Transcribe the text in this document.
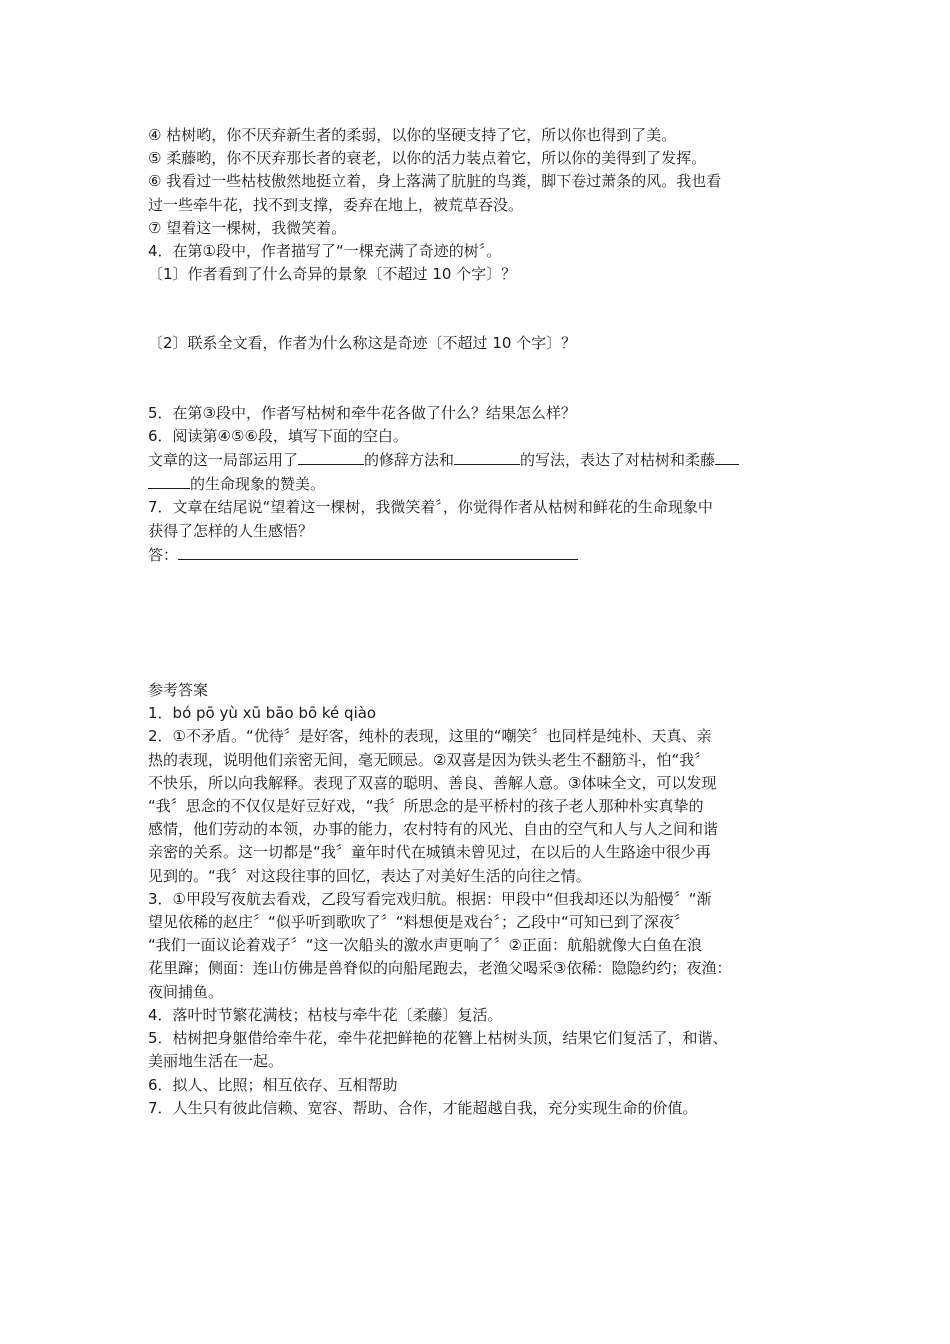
④ 枯树哟，你不厌弃新生者的柔弱，以你的坚硬支持了它，所以你也得到了美。

⑤ 柔藤哟，你不厌弃那长者的衰老，以你的活力装点着它，所以你的美得到了发挥。

⑥ 我看过一些枯枝傲然地挺立着，身上落满了肮脏的鸟粪，脚下卷过萧条的风。我也看

过一些牵牛花，找不到支撑，委弃在地上，被荒草吞没。

⑦ 望着这一棵树，我微笑着。

4．在第①段中，作者描写了“一棵充满了奇迹的树〞。

〔1〕作者看到了什么奇异的景象〔不超过 10 个字〕？

〔2〕联系全文看，作者为什么称这是奇迹〔不超过 10 个字〕？

5．在第③段中，作者写枯树和牵牛花各做了什么？结果怎么样？

6．阅读第④⑤⑥段，填写下面的空白。

文章的这一局部运用了	的修辞方法和	的写法，表达了对枯树和柔藤

的生命现象的赞美。

7．文章在结尾说“望着这一棵树，我微笑着〞，你觉得作者从枯树和鲜花的生命现象中

获得了怎样的人生感悟？

答：

参考答案

1．bó pō yù xū bāo bō ké qiào

2．①不矛盾。“优待〞是好客，纯朴的表现，这里的“嘲笑〞也同样是纯朴、天真、亲

热的表现，说明他们亲密无间，毫无顾忌。②双喜是因为铁头老生不翻筋斗，怕“我〞

不快乐，所以向我解释。表现了双喜的聪明、善良、善解人意。③体味全文，可以发现

“我〞思念的不仅仅是好豆好戏，“我〞所思念的是平桥村的孩子老人那种朴实真挚的

感情，他们劳动的本领，办事的能力，农村特有的风光、自由的空气和人与人之间和谐

亲密的关系。这一切都是“我〞童年时代在城镇未曾见过，在以后的人生路途中很少再

见到的。“我〞对这段往事的回忆，表达了对美好生活的向往之情。

3．①甲段写夜航去看戏，乙段写看完戏归航。根据：甲段中“但我却还以为船慢〞“渐

望见依稀的赵庄〞“似乎听到歌吹了〞“料想便是戏台〞；乙段中“可知已到了深夜〞

“我们一面议论着戏子〞“这一次船头的激水声更响了〞②正面：航船就像大白鱼在浪

花里蹿；侧面：连山仿佛是兽脊似的向船尾跑去，老渔父喝采③依稀：隐隐约约；夜渔：

夜间捕鱼。

4．落叶时节繁花满枝；枯枝与牵牛花〔柔藤〕复活。

5．枯树把身躯借给牵牛花，牵牛花把鲜艳的花簪上枯树头顶，结果它们复活了，和谐、

美丽地生活在一起。

6．拟人、比照；相互依存、互相帮助

7．人生只有彼此信赖、宽容、帮助、合作，才能超越自我，充分实现生命的价值。
